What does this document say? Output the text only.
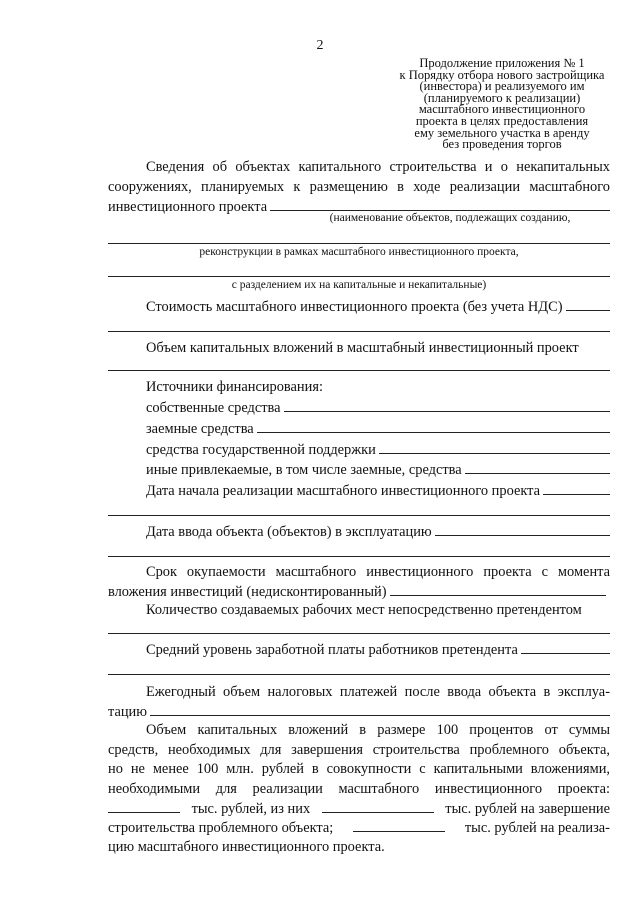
2
Продолжение приложения № 1
к Порядку отбора нового застройщика
(инвестора) и реализуемого им
(планируемого к реализации)
масштабного инвестиционного
проекта в целях предоставления
ему земельного участка в аренду
без проведения торгов
Сведения об объектах капитального строительства и о некапитальных
сооружениях, планируемых к размещению в ходе реализации масштабного
инвестиционного проекта
(наименование объектов, подлежащих созданию,
реконструкции в рамках масштабного инвестиционного проекта,
с разделением их на капитальные и некапитальные)
Стоимость масштабного инвестиционного проекта (без учета НДС)
Объем капитальных вложений в масштабный инвестиционный проект
Источники финансирования:
собственные средства
заемные средства
средства государственной поддержки
иные привлекаемые, в том числе заемные, средства
Дата начала реализации масштабного инвестиционного проекта
Дата ввода объекта (объектов) в эксплуатацию
Срок окупаемости масштабного инвестиционного проекта с момента
вложения инвестиций (недисконтированный)
Количество создаваемых рабочих мест непосредственно претендентом
Средний уровень заработной платы работников претендента
Ежегодный объем налоговых платежей после ввода объекта в эксплуа-
тацию
Объем капитальных вложений в размере 100 процентов от суммы
средств, необходимых для завершения строительства проблемного объекта,
но не менее 100 млн. рублей в совокупности с капитальными вложениями,
необходимыми для реализации масштабного инвестиционного проекта:
тыс. рублей, из них	тыс. рублей на завершение
строительства проблемного объекта;	тыс. рублей на реализа-
цию масштабного инвестиционного проекта.
